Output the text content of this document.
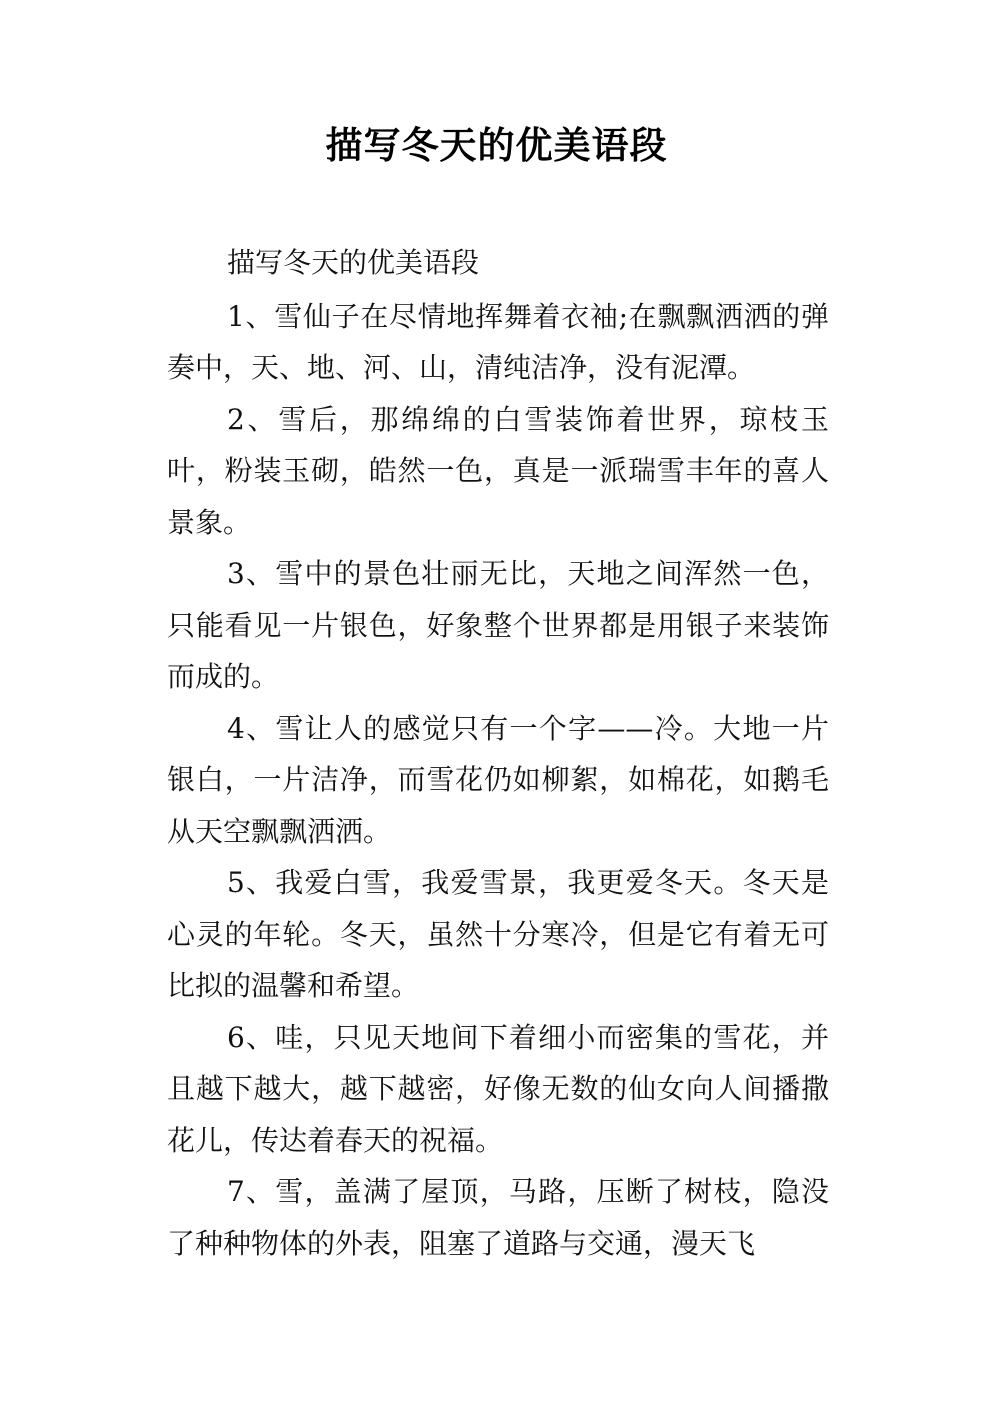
描写冬天的优美语段

描写冬天的优美语段

1、雪仙子在尽情地挥舞着衣袖;在飘飘洒洒的弹奏中，天、地、河、山，清纯洁净，没有泥潭。

2、雪后，那绵绵的白雪装饰着世界，琼枝玉叶，粉装玉砌，皓然一色，真是一派瑞雪丰年的喜人景象。

3、雪中的景色壮丽无比，天地之间浑然一色，只能看见一片银色，好象整个世界都是用银子来装饰而成的。

4、雪让人的感觉只有一个字——冷。大地一片银白，一片洁净，而雪花仍如柳絮，如棉花，如鹅毛从天空飘飘洒洒。

5、我爱白雪，我爱雪景，我更爱冬天。冬天是心灵的年轮。冬天，虽然十分寒冷，但是它有着无可比拟的温馨和希望。

6、哇，只见天地间下着细小而密集的雪花，并且越下越大，越下越密，好像无数的仙女向人间播撒花儿，传达着春天的祝福。

7、雪，盖满了屋顶，马路，压断了树枝，隐没了种种物体的外表，阻塞了道路与交通，漫天飞
